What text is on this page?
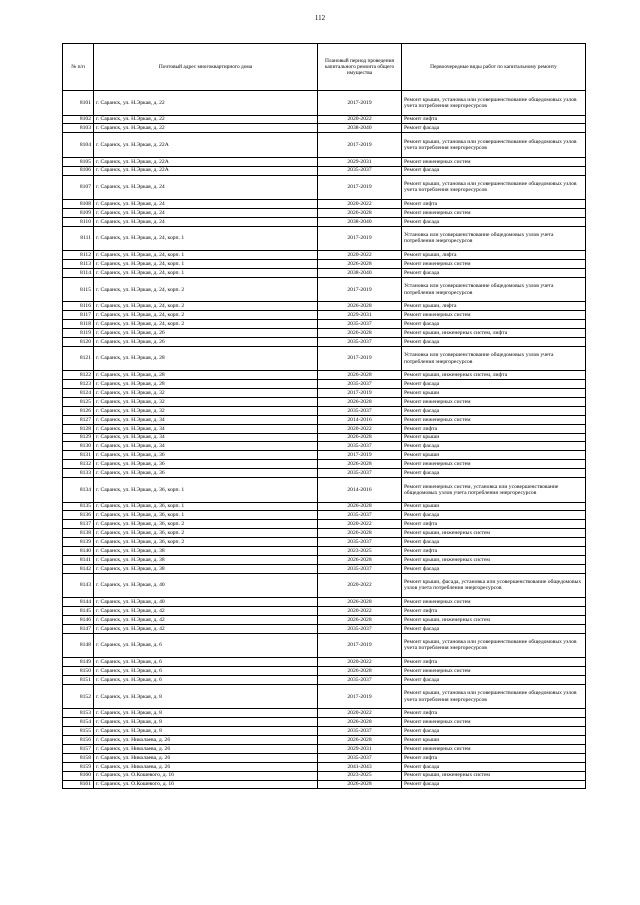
112
№ п/п	Почтовый адрес многоквартирного дома	Плановый период проведения капитального ремонта общего имущества	Первоочередные виды работ по капитальному ремонту
8101	г. Саранск, ул. Н.Эркая, д. 22	2017-2019	Ремонт крыши, установка или усовершенствование общедомовых узлов учета потребления энергоресурсов
8102	г. Саранск, ул. Н.Эркая, д. 22	2020-2022	Ремонт лифта
8103	г. Саранск, ул. Н.Эркая, д. 22	2038-2040	Ремонт фасада
8104	г. Саранск, ул. Н.Эркая, д. 22А	2017-2019	Ремонт крыши, установка или усовершенствование общедомовых узлов учета потребления энергоресурсов
8105	г. Саранск, ул. Н.Эркая, д. 22А	2029-2031	Ремонт инженерных систем
8106	г. Саранск, ул. Н.Эркая, д. 22А	2035-2037	Ремонт фасада
8107	г. Саранск, ул. Н.Эркая, д. 24	2017-2019	Ремонт крыши, установка или усовершенствование общедомовых узлов учета потребления энергоресурсов
8108	г. Саранск, ул. Н.Эркая, д. 24	2020-2022	Ремонт лифта
8109	г. Саранск, ул. Н.Эркая, д. 24	2026-2028	Ремонт инженерных систем
8110	г. Саранск, ул. Н.Эркая, д. 24	2038-2040	Ремонт фасада
8111	г. Саранск, ул. Н.Эркая, д. 24, корп. 1	2017-2019	Установка или усовершенствование общедомовых узлов учета потребления энергоресурсов
8112	г. Саранск, ул. Н.Эркая, д. 24, корп. 1	2020-2022	Ремонт крыши, лифта
8113	г. Саранск, ул. Н.Эркая, д. 24, корп. 1	2026-2028	Ремонт инженерных систем
8114	г. Саранск, ул. Н.Эркая, д. 24, корп. 1	2038-2040	Ремонт фасада
8115	г. Саранск, ул. Н.Эркая, д. 24, корп. 2	2017-2019	Установка или усовершенствование общедомовых узлов учета потребления энергоресурсов
8116	г. Саранск, ул. Н.Эркая, д. 24, корп. 2	2026-2028	Ремонт крыши, лифта
8117	г. Саранск, ул. Н.Эркая, д. 24, корп. 2	2029-2031	Ремонт инженерных систем
8118	г. Саранск, ул. Н.Эркая, д. 24, корп. 2	2035-2037	Ремонт фасада
8119	г. Саранск, ул. Н.Эркая, д. 26	2026-2028	Ремонт крыши, инженерных систем, лифта
8120	г. Саранск, ул. Н.Эркая, д. 26	2035-2037	Ремонт фасада
8121	г. Саранск, ул. Н.Эркая, д. 28	2017-2019	Установка или усовершенствование общедомовых узлов учета потребления энергоресурсов
8122	г. Саранск, ул. Н.Эркая, д. 28	2026-2028	Ремонт крыши, инженерных систем, лифта
8123	г. Саранск, ул. Н.Эркая, д. 28	2035-2037	Ремонт фасада
8124	г. Саранск, ул. Н.Эркая, д. 32	2017-2019	Ремонт крыши
8125	г. Саранск, ул. Н.Эркая, д. 32	2026-2028	Ремонт инженерных систем
8126	г. Саранск, ул. Н.Эркая, д. 32	2035-2037	Ремонт фасада
8127	г. Саранск, ул. Н.Эркая, д. 34	2014-2016	Ремонт инженерных систем
8128	г. Саранск, ул. Н.Эркая, д. 34	2020-2022	Ремонт лифта
8129	г. Саранск, ул. Н.Эркая, д. 34	2026-2028	Ремонт крыши
8130	г. Саранск, ул. Н.Эркая, д. 34	2035-2037	Ремонт фасада
8131	г. Саранск, ул. Н.Эркая, д. 36	2017-2019	Ремонт крыши
8132	г. Саранск, ул. Н.Эркая, д. 36	2026-2028	Ремонт инженерных систем
8133	г. Саранск, ул. Н.Эркая, д. 36	2035-2037	Ремонт фасада
8134	г. Саранск, ул. Н.Эркая, д. 36, корп. 1	2014-2016	Ремонт инженерных систем, установка или усовершенствование общедомовых узлов учета потребления энергоресурсов
8135	г. Саранск, ул. Н.Эркая, д. 36, корп. 1	2026-2028	Ремонт крыши
8136	г. Саранск, ул. Н.Эркая, д. 36, корп. 1	2035-2037	Ремонт фасада
8137	г. Саранск, ул. Н.Эркая, д. 36, корп. 2	2020-2022	Ремонт лифта
8138	г. Саранск, ул. Н.Эркая, д. 36, корп. 2	2026-2028	Ремонт крыши, инженерных систем
8139	г. Саранск, ул. Н.Эркая, д. 36, корп. 2	2035-2037	Ремонт фасада
8140	г. Саранск, ул. Н.Эркая, д. 38	2023-2025	Ремонт лифта
8141	г. Саранск, ул. Н.Эркая, д. 38	2026-2028	Ремонт крыши, инженерных систем
8142	г. Саранск, ул. Н.Эркая, д. 38	2035-2037	Ремонт фасада
8143	г. Саранск, ул. Н.Эркая, д. 40	2020-2022	Ремонт крыши, фасада, установка или усовершенствование общедомовых узлов учета потребления энергоресурсов
8144	г. Саранск, ул. Н.Эркая, д. 40	2026-2028	Ремонт инженерных систем
8145	г. Саранск, ул. Н.Эркая, д. 42	2020-2022	Ремонт лифта
8146	г. Саранск, ул. Н.Эркая, д. 42	2026-2028	Ремонт крыши, инженерных систем
8147	г. Саранск, ул. Н.Эркая, д. 42	2035-2037	Ремонт фасада
8148	г. Саранск, ул. Н.Эркая, д. 6	2017-2019	Ремонт крыши, установка или усовершенствование общедомовых узлов учета потребления энергоресурсов
8149	г. Саранск, ул. Н.Эркая, д. 6	2020-2022	Ремонт лифта
8150	г. Саранск, ул. Н.Эркая, д. 6	2026-2028	Ремонт инженерных систем
8151	г. Саранск, ул. Н.Эркая, д. 6	2035-2037	Ремонт фасада
8152	г. Саранск, ул. Н.Эркая, д. 8	2017-2019	Ремонт крыши, установка или усовершенствование общедомовых узлов учета потребления энергоресурсов
8153	г. Саранск, ул. Н.Эркая, д. 8	2020-2022	Ремонт лифта
8154	г. Саранск, ул. Н.Эркая, д. 8	2026-2028	Ремонт инженерных систем
8155	г. Саранск, ул. Н.Эркая, д. 8	2035-2037	Ремонт фасада
8156	г. Саранск, ул. Николаева, д. 26	2026-2028	Ремонт крыши
8157	г. Саранск, ул. Николаева, д. 26	2029-2031	Ремонт инженерных систем
8158	г. Саранск, ул. Николаева, д. 26	2035-2037	Ремонт лифта
8159	г. Саранск, ул. Николаева, д. 26	2041-2043	Ремонт фасада
8160	г. Саранск, ул. О.Кошевого, д. 16	2023-2025	Ремонт крыши, инженерных систем
8161	г. Саранск, ул. О.Кошевого, д. 16	2026-2028	Ремонт фасада
